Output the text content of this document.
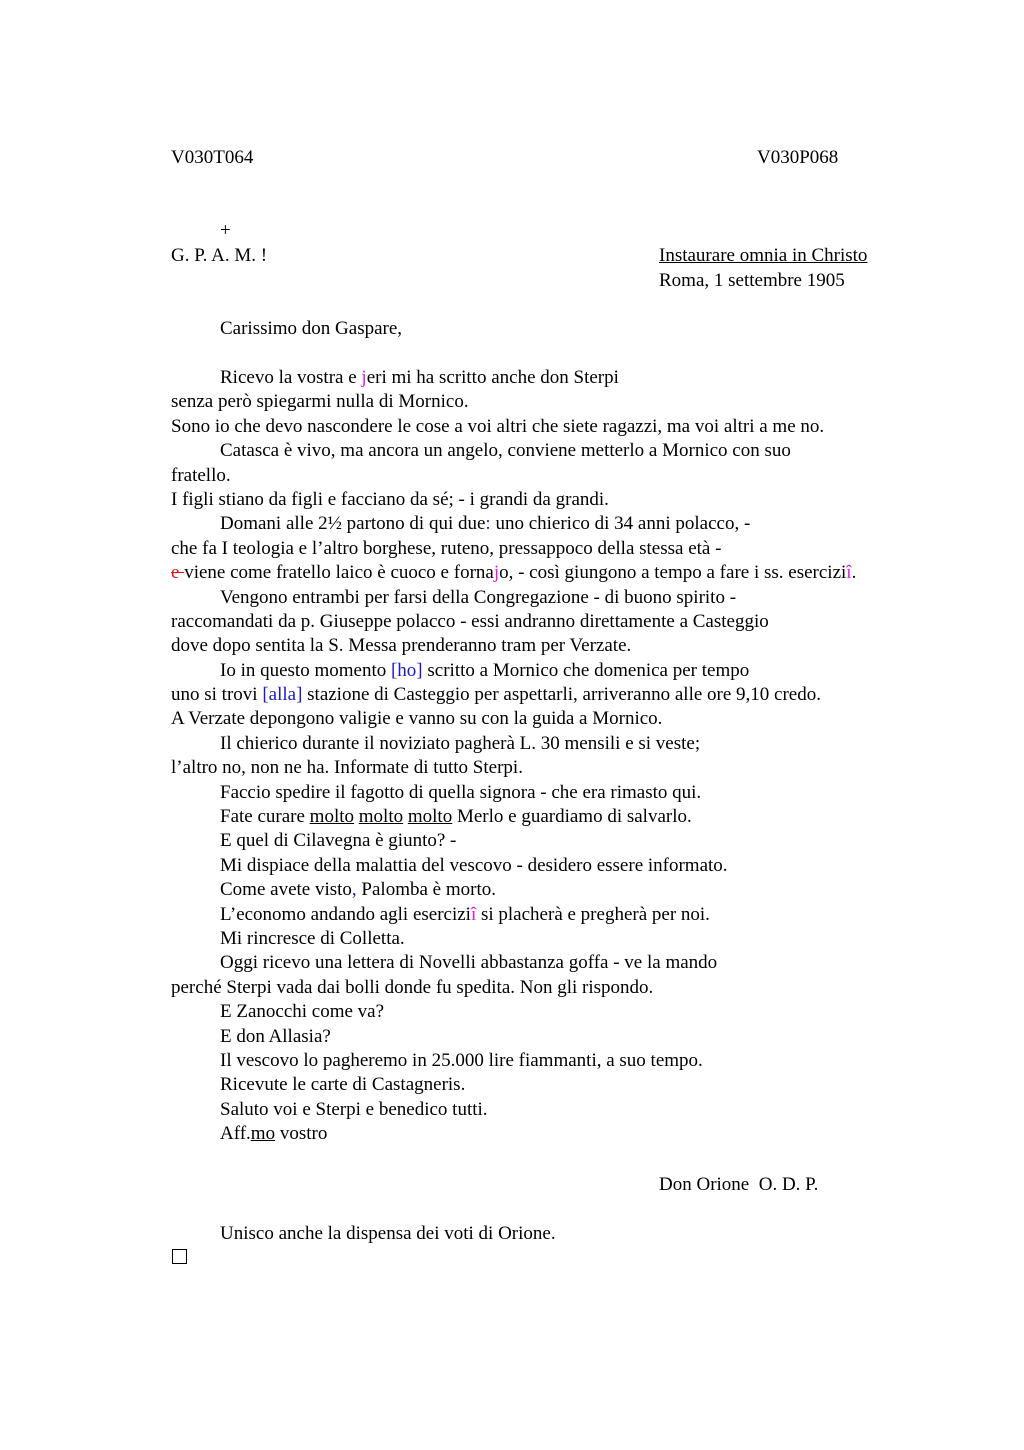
V030T064	V030P068
+
G. P. A. M. !	Instaurare omnia in Christo
Roma, 1 settembre 1905
Carissimo don Gaspare,
Ricevo la vostra e jeri mi ha scritto anche don Sterpi
senza però spiegarmi nulla di Mornico.
Sono io che devo nascondere le cose a voi altri che siete ragazzi, ma voi altri a me no.
Catasca è vivo, ma ancora un angelo, conviene metterlo a Mornico con suo
fratello.
I figli stiano da figli e facciano da sé; - i grandi da grandi.
Domani alle 2½ partono di qui due: uno chierico di 34 anni polacco, -
che fa I teologia e l’altro borghese, ruteno, pressappoco della stessa età -
e viene come fratello laico è cuoco e fornajo, - così giungono a tempo a fare i ss. eserciziî.
Vengono entrambi per farsi della Congregazione - di buono spirito -
raccomandati da p. Giuseppe polacco - essi andranno direttamente a Casteggio
dove dopo sentita la S. Messa prenderanno tram per Verzate.
Io in questo momento [ho] scritto a Mornico che domenica per tempo
uno si trovi [alla] stazione di Casteggio per aspettarli, arriveranno alle ore 9,10 credo.
A Verzate depongono valigie e vanno su con la guida a Mornico.
Il chierico durante il noviziato pagherà L. 30 mensili e si veste;
l’altro no, non ne ha. Informate di tutto Sterpi.
Faccio spedire il fagotto di quella signora - che era rimasto qui.
Fate curare molto molto molto Merlo e guardiamo di salvarlo.
E quel di Cilavegna è giunto? -
Mi dispiace della malattia del vescovo - desidero essere informato.
Come avete visto, Palomba è morto.
L’economo andando agli eserciziî si placherà e pregherà per noi.
Mi rincresce di Colletta.
Oggi ricevo una lettera di Novelli abbastanza goffa - ve la mando
perché Sterpi vada dai bolli donde fu spedita. Non gli rispondo.
E Zanocchi come va?
E don Allasia?
Il vescovo lo pagheremo in 25.000 lire fiammanti, a suo tempo.
Ricevute le carte di Castagneris.
Saluto voi e Sterpi e benedico tutti.
Aff.mo vostro
Don Orione  O. D. P.
Unisco anche la dispensa dei voti di Orione.
